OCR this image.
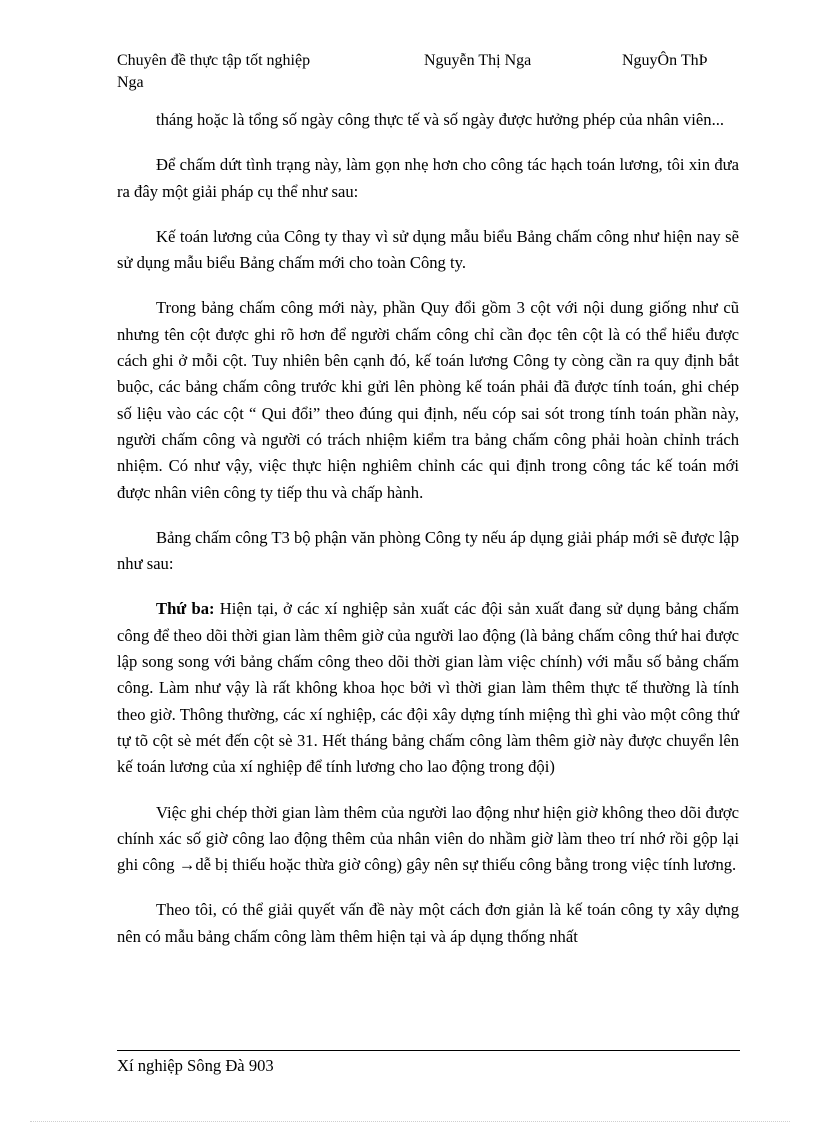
Chuyên đề thực tập tốt nghiệp	Nguyễn Thị Nga	NguyÔn ThÞ
Nga

tháng hoặc là tổng số ngày công thực tế và số ngày được hưởng phép của nhân viên...

Để chấm dứt tình trạng này, làm gọn nhẹ hơn cho công tác hạch toán lương, tôi xin đưa ra đây một giải pháp cụ thể như sau:

Kế toán lương của Công ty thay vì sử dụng mẫu biểu Bảng chấm công như hiện nay sẽ sử dụng mẫu biểu Bảng chấm mới cho toàn Công ty.

Trong bảng chấm công mới này, phần Quy đổi gồm 3 cột với nội dung giống như cũ nhưng tên cột được ghi rõ hơn để người chấm công chỉ cần đọc tên cột là có thể hiểu được cách ghi ở mỗi cột. Tuy nhiên bên cạnh đó, kế toán lương Công ty còng cần ra quy định bắt buộc, các bảng chấm công trước khi gửi lên phòng kế toán phải đã được tính toán, ghi chép số liệu vào các cột “ Qui đổi” theo đúng qui định, nếu cóp sai sót trong tính toán phần này, người chấm công và người có trách nhiệm kiểm tra bảng chấm công phải hoàn chỉnh trách nhiệm. Có như vậy, việc thực hiện nghiêm chỉnh các qui định trong công tác kế toán mới được nhân viên công ty tiếp thu và chấp hành.

Bảng chấm công T3 bộ phận văn phòng Công ty nếu áp dụng giải pháp mới sẽ được lập như sau:

Thứ ba: Hiện tại, ở các xí nghiệp sản xuất các đội sản xuất đang sử dụng bảng chấm công để theo dõi thời gian làm thêm giờ của người lao động (là bảng chấm công thứ hai được lập song song với bảng chấm công theo dõi thời gian làm việc chính) với mẫu số bảng chấm công. Làm như vậy là rất không khoa học bởi vì thời gian làm thêm thực tế thường là tính theo giờ. Thông thường, các xí nghiệp, các đội xây dựng tính miệng thì ghi vào một công thứ tự tõ cột sè mét đến cột sè 31. Hết tháng bảng chấm công làm thêm giờ này được chuyển lên kế toán lương của xí nghiệp để tính lương cho lao động trong đội)

Việc ghi chép thời gian làm thêm của người lao động như hiện giờ không theo dõi được chính xác số giờ công lao động thêm của nhân viên do nhầm giờ làm theo trí nhớ rồi gộp lại ghi công →dễ bị thiếu hoặc thừa giờ công) gây nên sự thiếu công bằng trong việc tính lương.

Theo tôi, có thể giải quyết vấn đề này một cách đơn giản là kế toán công ty xây dựng nên có mẫu bảng chấm công làm thêm hiện tại và áp dụng thống nhất

Xí nghiệp Sông Đà 903
